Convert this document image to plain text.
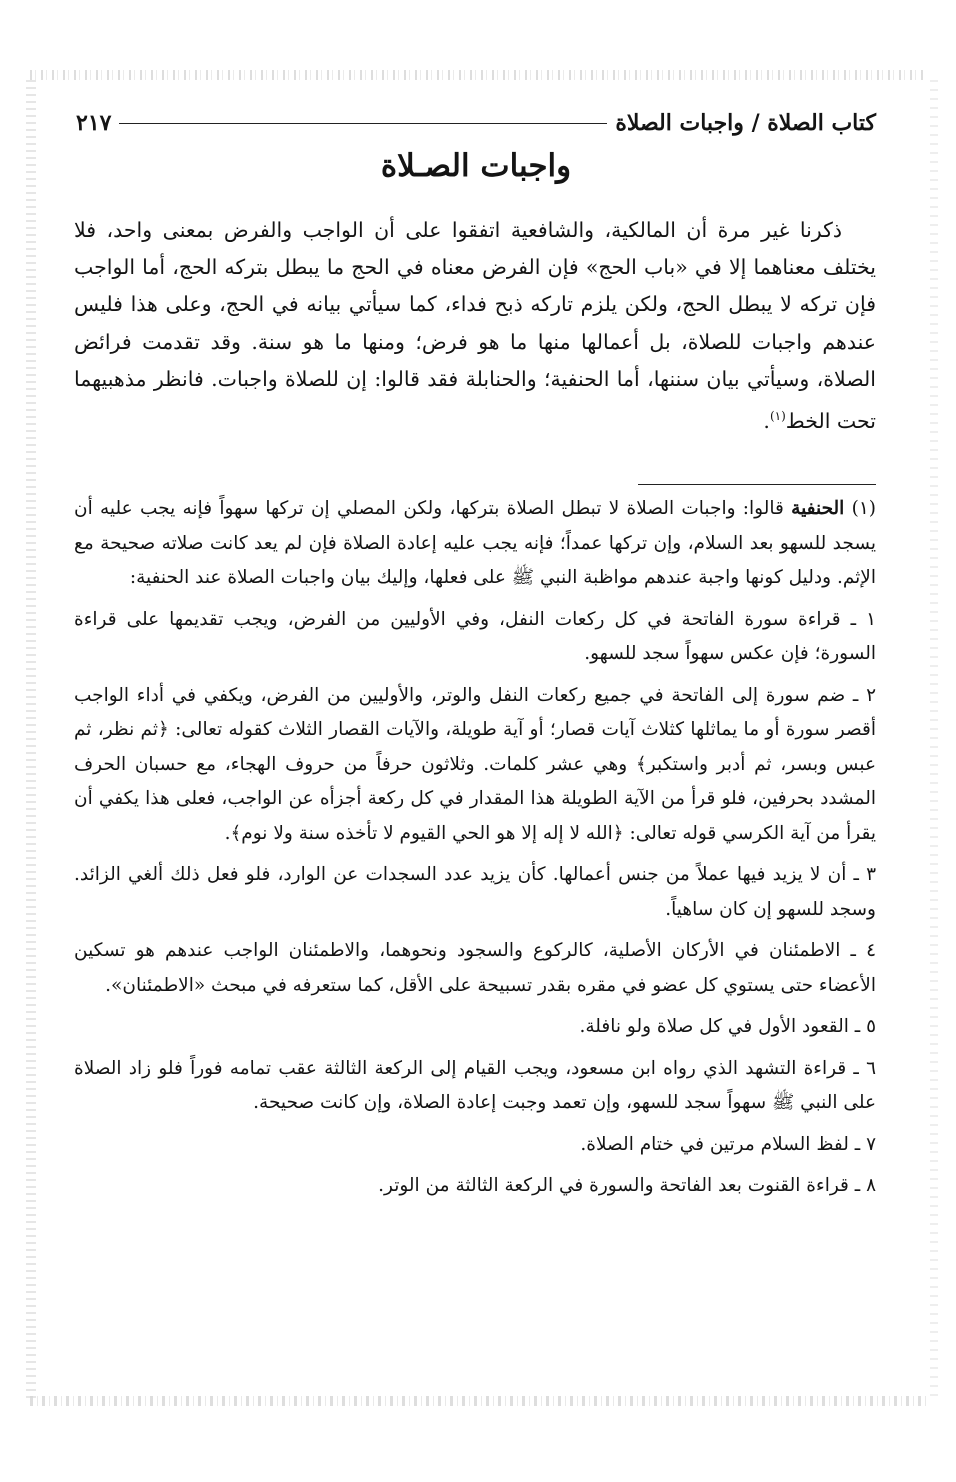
كتاب الصلاة / واجبات الصلاة
٢١٧
واجبات الصـلاة

ذكرنا غير مرة أن المالكية، والشافعية اتفقوا على أن الواجب والفرض بمعنى واحد، فلا يختلف معناهما إلا في «باب الحج» فإن الفرض معناه في الحج ما يبطل بتركه الحج، أما الواجب فإن تركه لا يبطل الحج، ولكن يلزم تاركه ذبح فداء، كما سيأتي بيانه في الحج، وعلى هذا فليس عندهم واجبات للصلاة، بل أعمالها منها ما هو فرض؛ ومنها ما هو سنة. وقد تقدمت فرائض الصلاة، وسيأتي بيان سننها، أما الحنفية؛ والحنابلة فقد قالوا: إن للصلاة واجبات. فانظر مذهبيهما تحت الخط$^{(١)}$.

(١) الحنفية قالوا: واجبات الصلاة لا تبطل الصلاة بتركها، ولكن المصلي إن تركها سهواً فإنه يجب عليه أن يسجد للسهو بعد السلام، وإن تركها عمداً؛ فإنه يجب عليه إعادة الصلاة فإن لم يعد كانت صلاته صحيحة مع الإثم. ودليل كونها واجبة عندهم مواظبة النبي ﷺ على فعلها، وإليك بيان واجبات الصلاة عند الحنفية:

١ ـ قراءة سورة الفاتحة في كل ركعات النفل، وفي الأوليين من الفرض، ويجب تقديمها على قراءة السورة؛ فإن عكس سهواً سجد للسهو.

٢ ـ ضم سورة إلى الفاتحة في جميع ركعات النفل والوتر، والأوليين من الفرض، ويكفي في أداء الواجب أقصر سورة أو ما يماثلها كثلاث آيات قصار؛ أو آية طويلة، والآيات القصار الثلاث كقوله تعالى: ﴿ثم نظر، ثم عبس وبسر، ثم أدبر واستكبر﴾ وهي عشر كلمات. وثلاثون حرفاً من حروف الهجاء، مع حسبان الحرف المشدد بحرفين، فلو قرأ من الآية الطويلة هذا المقدار في كل ركعة أجزأه عن الواجب، فعلى هذا يكفي أن يقرأ من آية الكرسي قوله تعالى: ﴿الله لا إله إلا هو الحي القيوم لا تأخذه سنة ولا نوم﴾.

٣ ـ أن لا يزيد فيها عملاً من جنس أعمالها. كأن يزيد عدد السجدات عن الوارد، فلو فعل ذلك ألغي الزائد. وسجد للسهو إن كان ساهياً.

٤ ـ الاطمئنان في الأركان الأصلية، كالركوع والسجود ونحوهما، والاطمئنان الواجب عندهم هو تسكين الأعضاء حتى يستوي كل عضو في مقره بقدر تسبيحة على الأقل، كما ستعرفه في مبحث «الاطمئنان».

٥ ـ القعود الأول في كل صلاة ولو نافلة.

٦ ـ قراءة التشهد الذي رواه ابن مسعود، ويجب القيام إلى الركعة الثالثة عقب تمامه فوراً فلو زاد الصلاة على النبي ﷺ سهواً سجد للسهو، وإن تعمد وجبت إعادة الصلاة، وإن كانت صحيحة.

٧ ـ لفظ السلام مرتين في ختام الصلاة.

٨ ـ قراءة القنوت بعد الفاتحة والسورة في الركعة الثالثة من الوتر.
